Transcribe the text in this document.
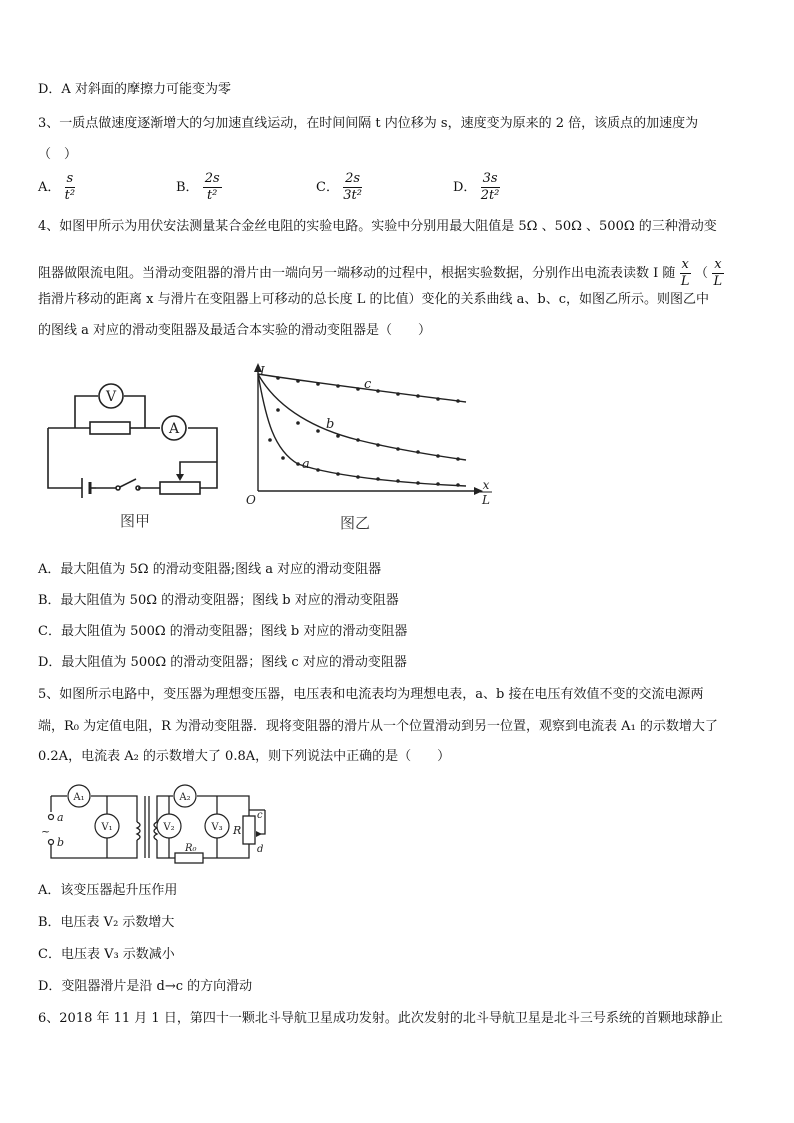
D．A 对斜面的摩擦力可能变为零
3、一质点做速度逐渐增大的匀加速直线运动，在时间间隔 t 内位移为 s，速度变为原来的 2 倍，该质点的加速度为
（　）
A． $\frac{s}{\text{t²}}$	B． $\frac{2s}{\text{t²}}$	C． $\frac{2s}{\text{3t²}}$	D． $\frac{3s}{\text{2t²}}$
4、如图甲所示为用伏安法测量某合金丝电阻的实验电路。实验中分别用最大阻值是 5Ω 、50Ω 、500Ω 的三种滑动变
阻器做限流电阻。当滑动变阻器的滑片由一端向另一端移动的过程中，根据实验数据，分别作出电流表读数 I 随 $\frac{x}{L}$ （ $\frac{x}{L}$
指滑片移动的距离 x 与滑片在变阻器上可移动的总长度 L 的比值）变化的关系曲线 a、b、c，如图乙所示。则图乙中
的图线 a 对应的滑动变阻器及最适合本实验的滑动变阻器是（　　）
V
A
图甲
O
I
x
L
c
b
a
图乙
A．最大阻值为 5Ω 的滑动变阻器;图线 a 对应的滑动变阻器
B．最大阻值为 50Ω 的滑动变阻器；图线 b 对应的滑动变阻器
C．最大阻值为 500Ω 的滑动变阻器；图线 b 对应的滑动变阻器
D．最大阻值为 500Ω 的滑动变阻器；图线 c 对应的滑动变阻器
5、如图所示电路中，变压器为理想变压器，电压表和电流表均为理想电表，a、b 接在电压有效值不变的交流电源两
端，R₀ 为定值电阻，R 为滑动变阻器．现将变阻器的滑片从一个位置滑动到另一位置，观察到电流表 A₁ 的示数增大了
0.2A，电流表 A₂ 的示数增大了 0.8A，则下列说法中正确的是（　　）
~
A₁	A₂
V₁	V₂	V₃
a
b
R
R₀
c
d
A．该变压器起升压作用
B．电压表 V₂ 示数增大
C．电压表 V₃ 示数减小
D．变阻器滑片是沿 d→c 的方向滑动
6、2018 年 11 月 1 日，第四十一颗北斗导航卫星成功发射。此次发射的北斗导航卫星是北斗三号系统的首颗地球静止
